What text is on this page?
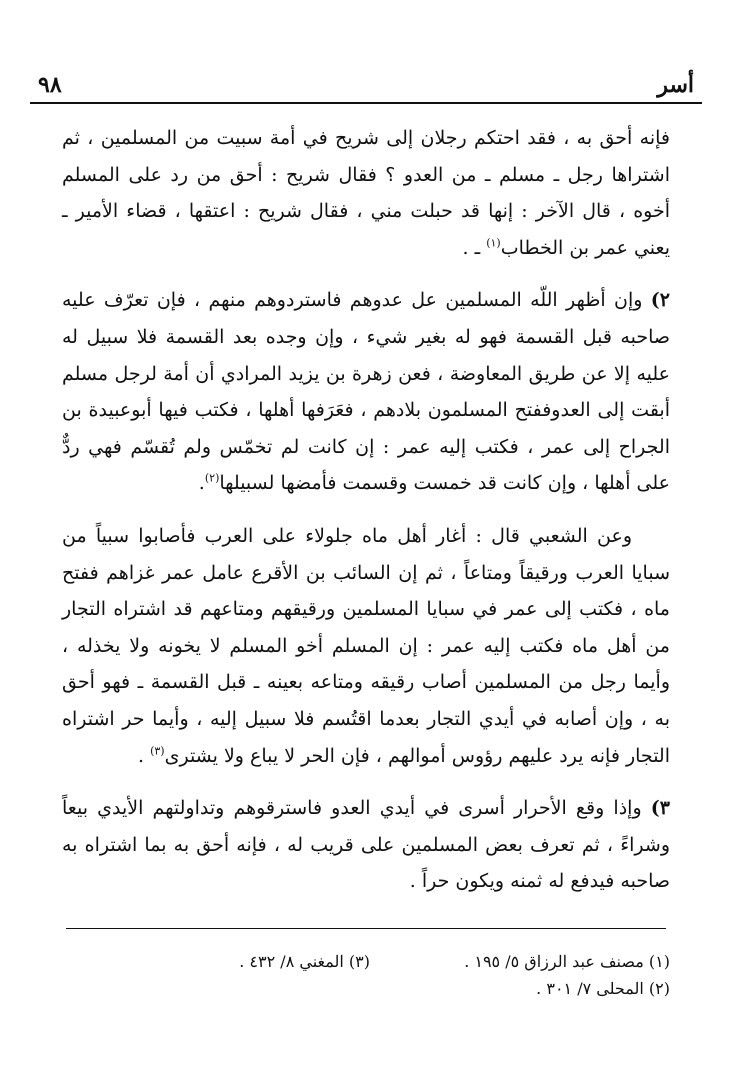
أسر
٩٨

فإنه أحق به ، فقد احتكم رجلان إلى شريح في أمة سبيت من المسلمين ، ثم اشتراها رجل ـ مسلم ـ من العدو ؟ فقال شريح : أحق من رد على المسلم أخوه ، قال الآخر : إنها قد حبلت مني ، فقال شريح : اعتقها ، قضاء الأمير ـ يعني عمر بن الخطاب$^{(١)}$ ـ .

٢) وإن أظهر اللّه المسلمين عل عدوهم فاستردوهم منهم ، فإن تعرّف عليه صاحبه قبل القسمة فهو له بغير شيء ، وإن وجده بعد القسمة فلا سبيل له عليه إلا عن طريق المعاوضة ، فعن زهرة بن يزيد المرادي أن أمة لرجل مسلم أبقت إلى العدوففتح المسلمون بلادهم ، فعَرَفها أهلها ، فكتب فيها أبوعبيدة بن الجراح إلى عمر ، فكتب إليه عمر : إن كانت لم تخمّس ولم تُقسّم فهي ردٌّ على أهلها ، وإن كانت قد خمست وقسمت فأمضها لسبيلها$^{(٢)}$.

وعن الشعبي قال : أغار أهل ماه جلولاء على العرب فأصابوا سبياً من سبايا العرب ورقيقاً ومتاعاً ، ثم إن السائب بن الأقرع عامل عمر غزاهم ففتح ماه ، فكتب إلى عمر في سبايا المسلمين ورقيقهم ومتاعهم قد اشتراه التجار من أهل ماه فكتب إليه عمر : إن المسلم أخو المسلم لا يخونه ولا يخذله ، وأيما رجل من المسلمين أصاب رقيقه ومتاعه بعينه ـ قبل القسمة ـ فهو أحق به ، وإن أصابه في أيدي التجار بعدما اقتُسم فلا سبيل إليه ، وأيما حر اشتراه التجار فإنه يرد عليهم رؤوس أموالهم ، فإن الحر لا يباع ولا يشترى$^{(٣)}$ .

٣) وإذا وقع الأحرار أسرى في أيدي العدو فاسترقوهم وتداولتهم الأيدي بيعاً وشراءً ، ثم تعرف بعض المسلمين على قريب له ، فإنه أحق به بما اشتراه به صاحبه فيدفع له ثمنه ويكون حراً .

(١) مصنف عبد الرزاق ٥/ ١٩٥ .
(٣) المغني ٨/ ٤٣٢ .
(٢) المحلى ٧/ ٣٠١ .
